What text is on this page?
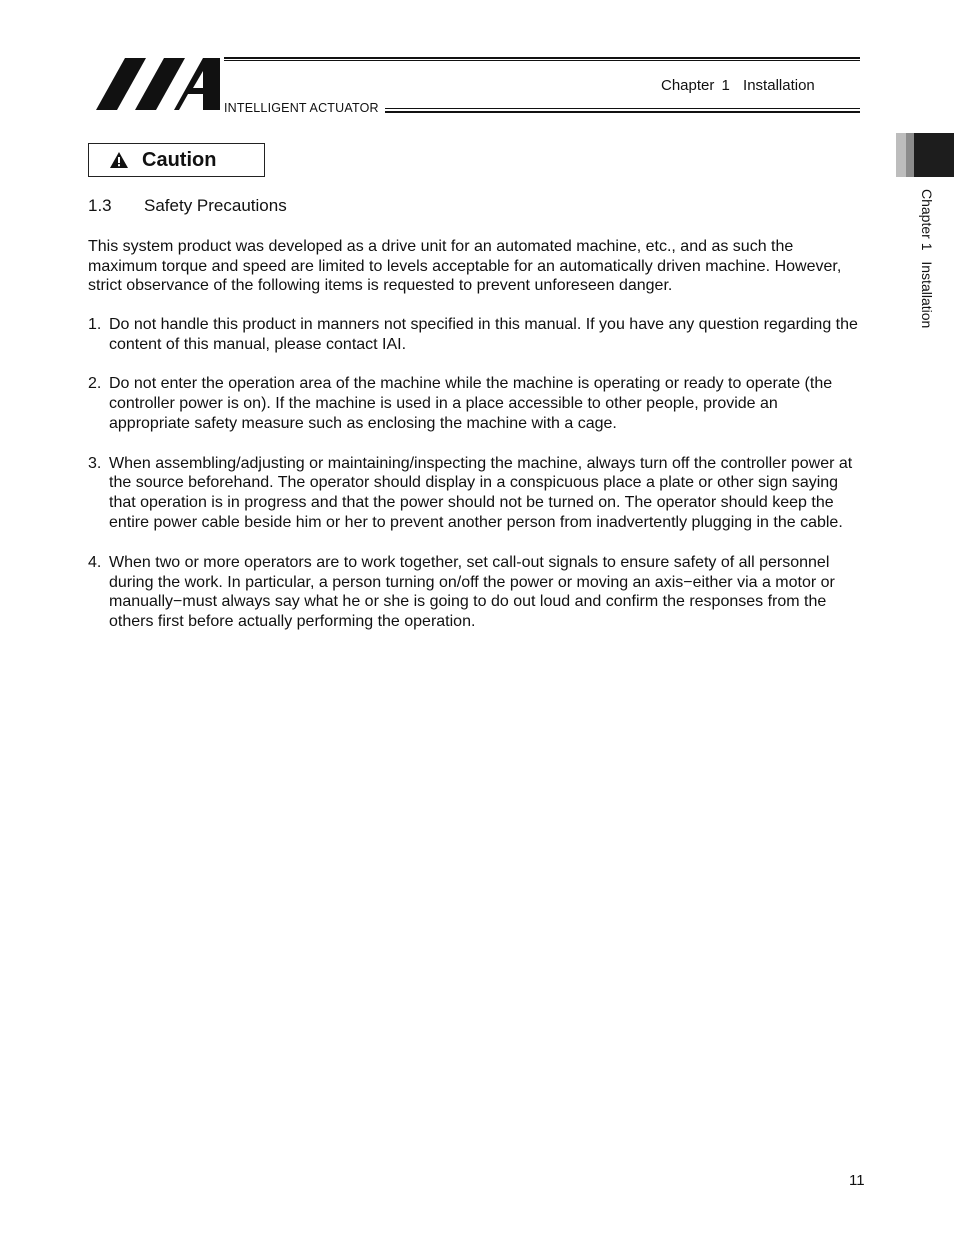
INTELLIGENT ACTUATOR
Chapter 1 Installation
Caution
1.3 Safety Precautions

This system product was developed as a drive unit for an automated machine, etc., and as such the maximum torque and speed are limited to levels acceptable for an automatically driven machine. However, strict observance of the following items is requested to prevent unforeseen danger.

1. Do not handle this product in manners not specified in this manual. If you have any question regarding the content of this manual, please contact IAI.
2. Do not enter the operation area of the machine while the machine is operating or ready to operate (the controller power is on). If the machine is used in a place accessible to other people, provide an appropriate safety measure such as enclosing the machine with a cage.
3. When assembling/adjusting or maintaining/inspecting the machine, always turn off the controller power at the source beforehand. The operator should display in a conspicuous place a plate or other sign saying that operation is in progress and that the power should not be turned on. The operator should keep the entire power cable beside him or her to prevent another person from inadvertently plugging in the cable.
4. When two or more operators are to work together, set call-out signals to ensure safety of all personnel during the work. In particular, a person turning on/off the power or moving an axis−either via a motor or manually−must always say what he or she is going to do out loud and confirm the responses from the others first before actually performing the operation.
Chapter 1 Installation
11
